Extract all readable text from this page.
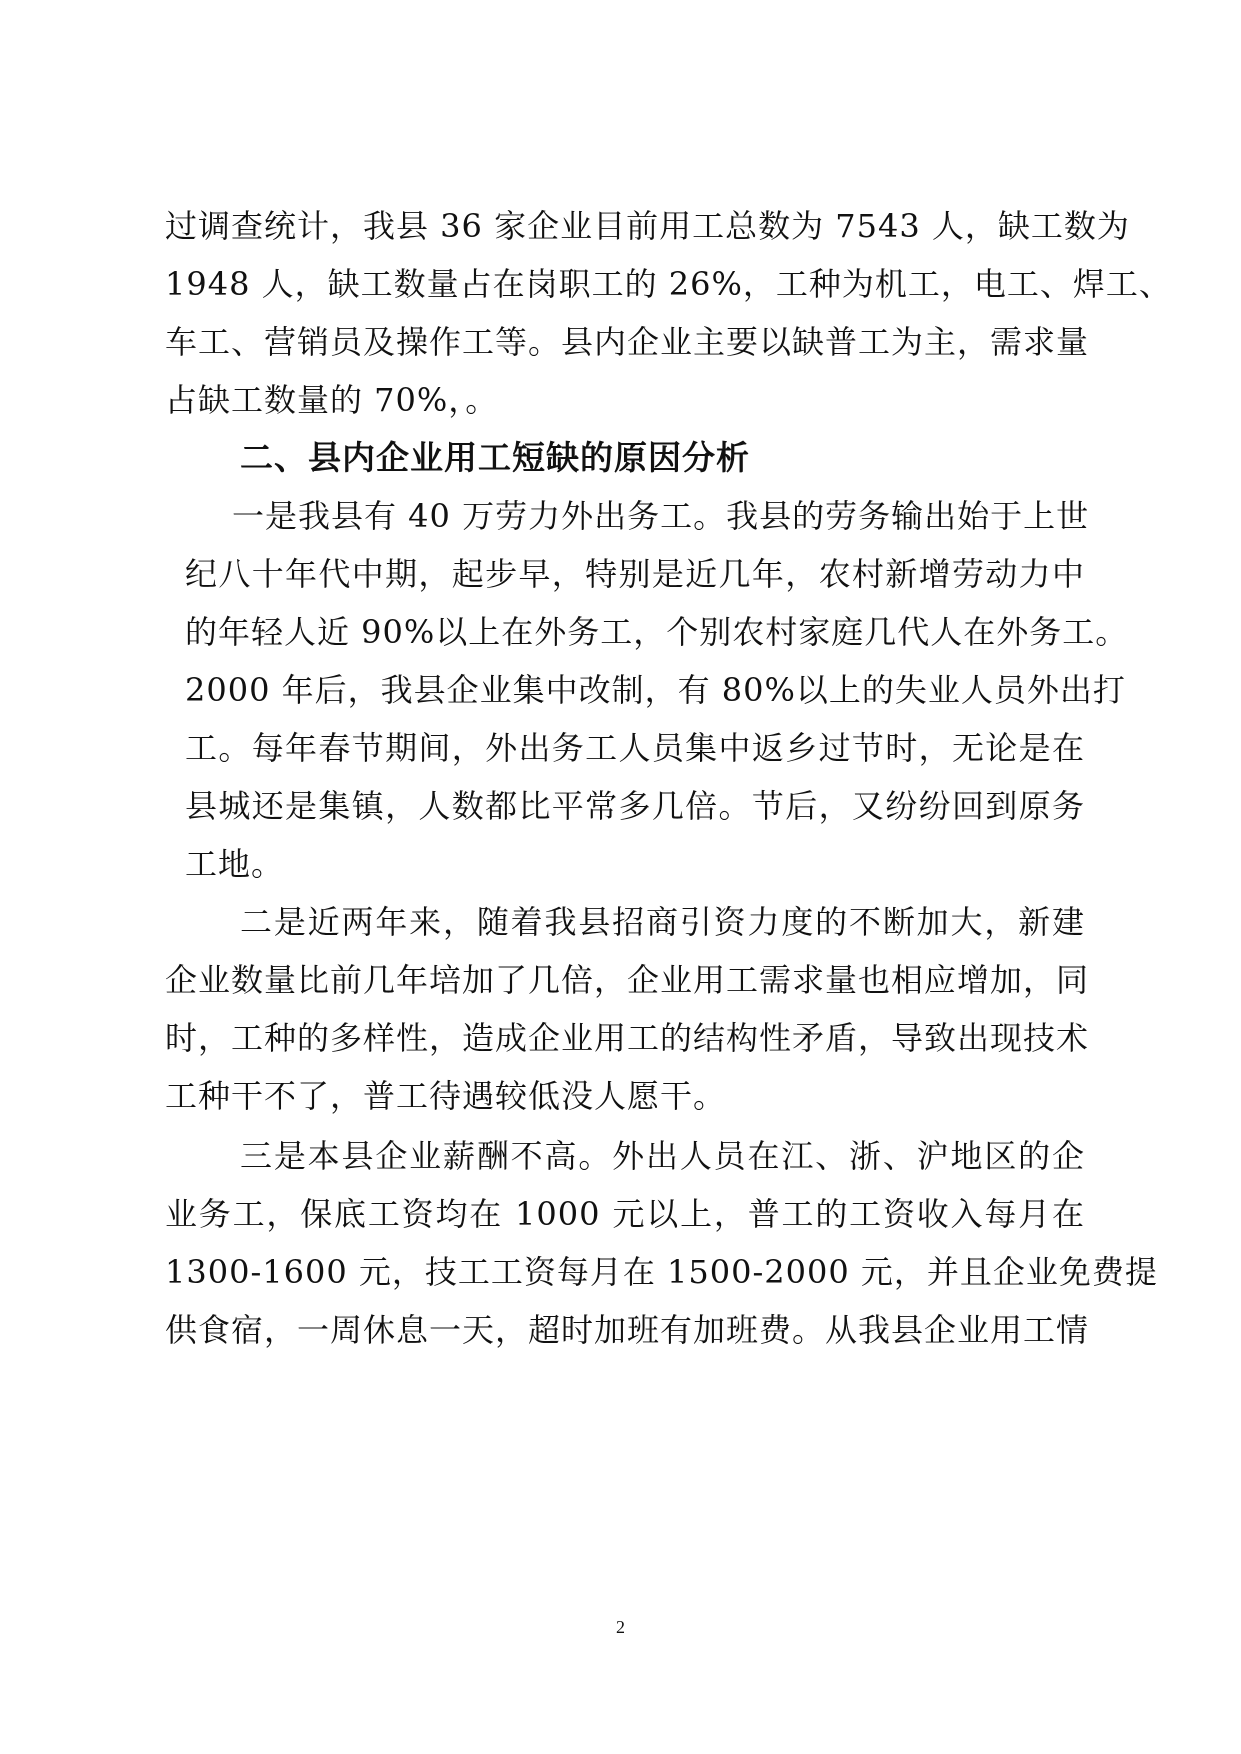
过调查统计，我县 36 家企业目前用工总数为 7543 人，缺工数为
1948 人，缺工数量占在岗职工的 26%，工种为机工，电工、焊工、
车工、营销员及操作工等。县内企业主要以缺普工为主，需求量
占缺工数量的 70%，。
二、县内企业用工短缺的原因分析
一是我县有 40 万劳力外出务工。我县的劳务输出始于上世
纪八十年代中期，起步早，特别是近几年，农村新增劳动力中
的年轻人近 90%以上在外务工，个别农村家庭几代人在外务工。
2000 年后，我县企业集中改制，有 80%以上的失业人员外出打
工。每年春节期间，外出务工人员集中返乡过节时，无论是在
县城还是集镇，人数都比平常多几倍。节后，又纷纷回到原务
工地。
二是近两年来，随着我县招商引资力度的不断加大，新建
企业数量比前几年培加了几倍，企业用工需求量也相应增加，同
时，工种的多样性，造成企业用工的结构性矛盾，导致出现技术
工种干不了，普工待遇较低没人愿干。
三是本县企业薪酬不高。外出人员在江、浙、沪地区的企
业务工，保底工资均在 1000 元以上，普工的工资收入每月在
1300-1600 元，技工工资每月在 1500-2000 元，并且企业免费提
供食宿，一周休息一天，超时加班有加班费。从我县企业用工情
2
